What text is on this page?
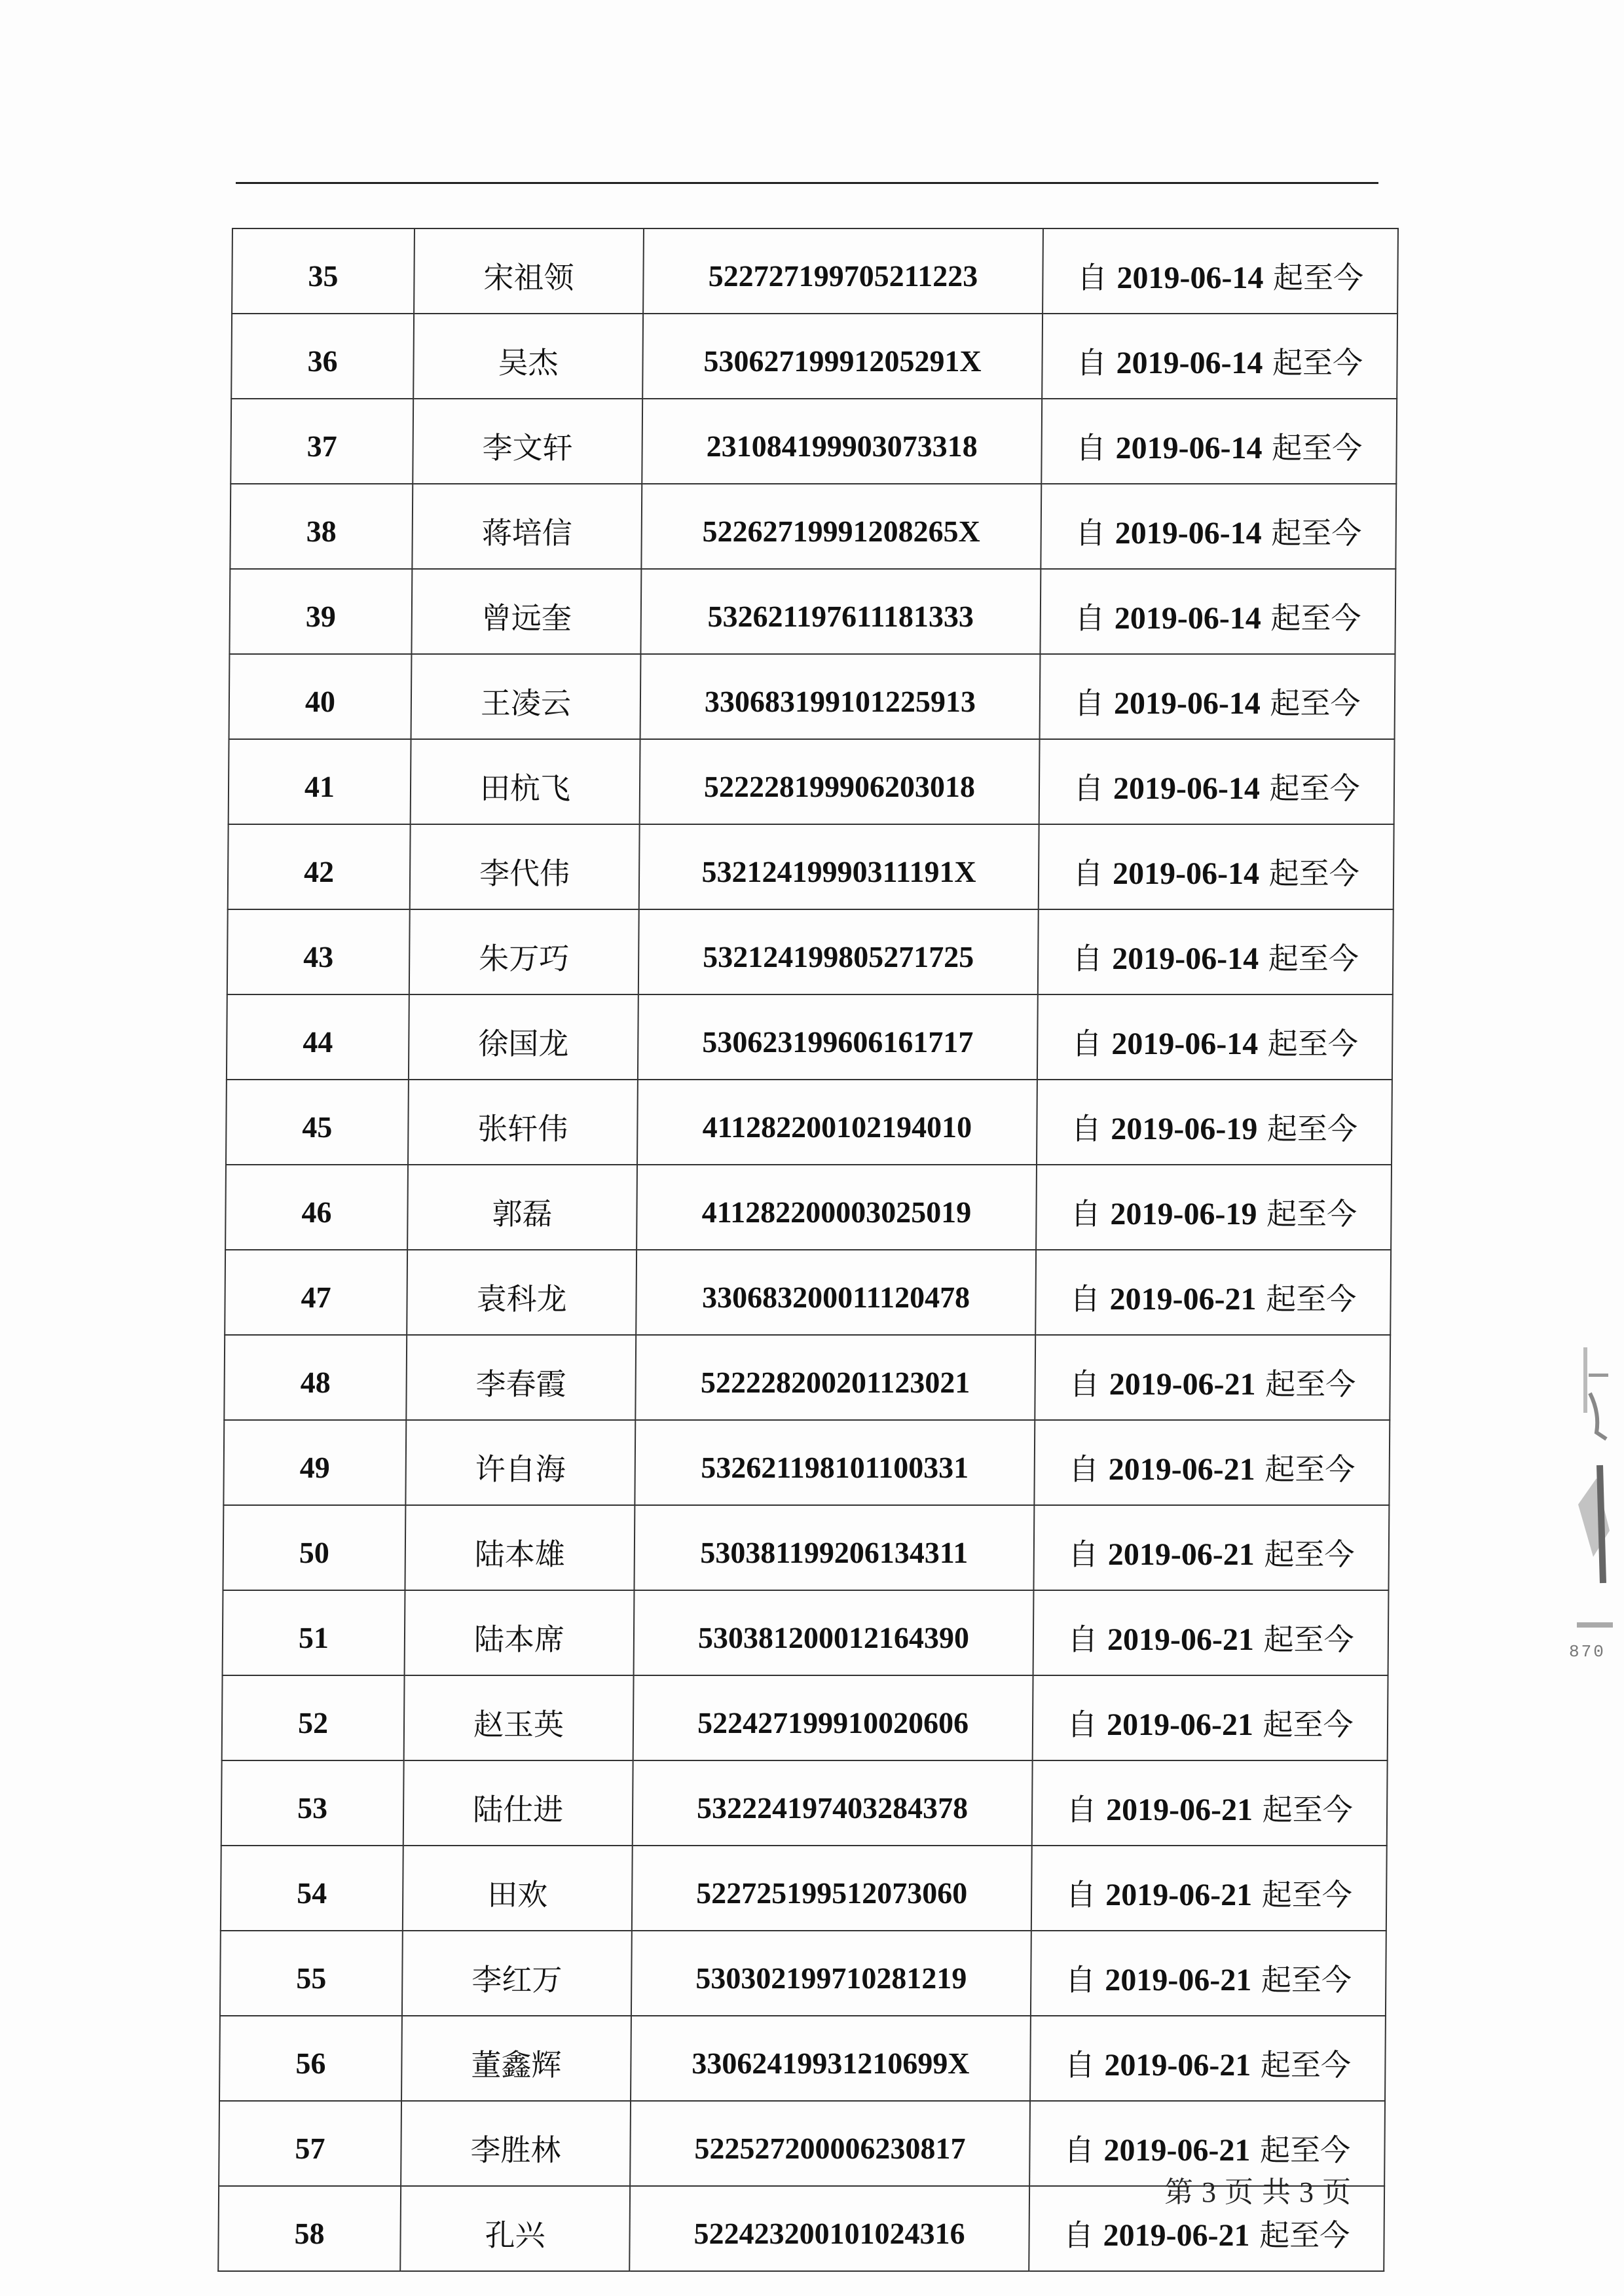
35	宋祖领	522727199705211223	自 2019-06-14 起至今
36	吴杰	53062719991205291X	自 2019-06-14 起至今
37	李文轩	231084199903073318	自 2019-06-14 起至今
38	蒋培信	52262719991208265X	自 2019-06-14 起至今
39	曾远奎	532621197611181333	自 2019-06-14 起至今
40	王凌云	330683199101225913	自 2019-06-14 起至今
41	田杭飞	522228199906203018	自 2019-06-14 起至今
42	李代伟	53212419990311191X	自 2019-06-14 起至今
43	朱万巧	532124199805271725	自 2019-06-14 起至今
44	徐国龙	530623199606161717	自 2019-06-14 起至今
45	张轩伟	411282200102194010	自 2019-06-19 起至今
46	郭磊	411282200003025019	自 2019-06-19 起至今
47	袁科龙	330683200011120478	自 2019-06-21 起至今
48	李春霞	522228200201123021	自 2019-06-21 起至今
49	许自海	532621198101100331	自 2019-06-21 起至今
50	陆本雄	530381199206134311	自 2019-06-21 起至今
51	陆本席	530381200012164390	自 2019-06-21 起至今
52	赵玉英	522427199910020606	自 2019-06-21 起至今
53	陆仕进	532224197403284378	自 2019-06-21 起至今
54	田欢	522725199512073060	自 2019-06-21 起至今
55	李红万	530302199710281219	自 2019-06-21 起至今
56	董鑫辉	33062419931210699X	自 2019-06-21 起至今
57	李胜林	522527200006230817	自 2019-06-21 起至今
58	孔兴	522423200101024316	自 2019-06-21 起至今
870
第 3 页 共 3 页
